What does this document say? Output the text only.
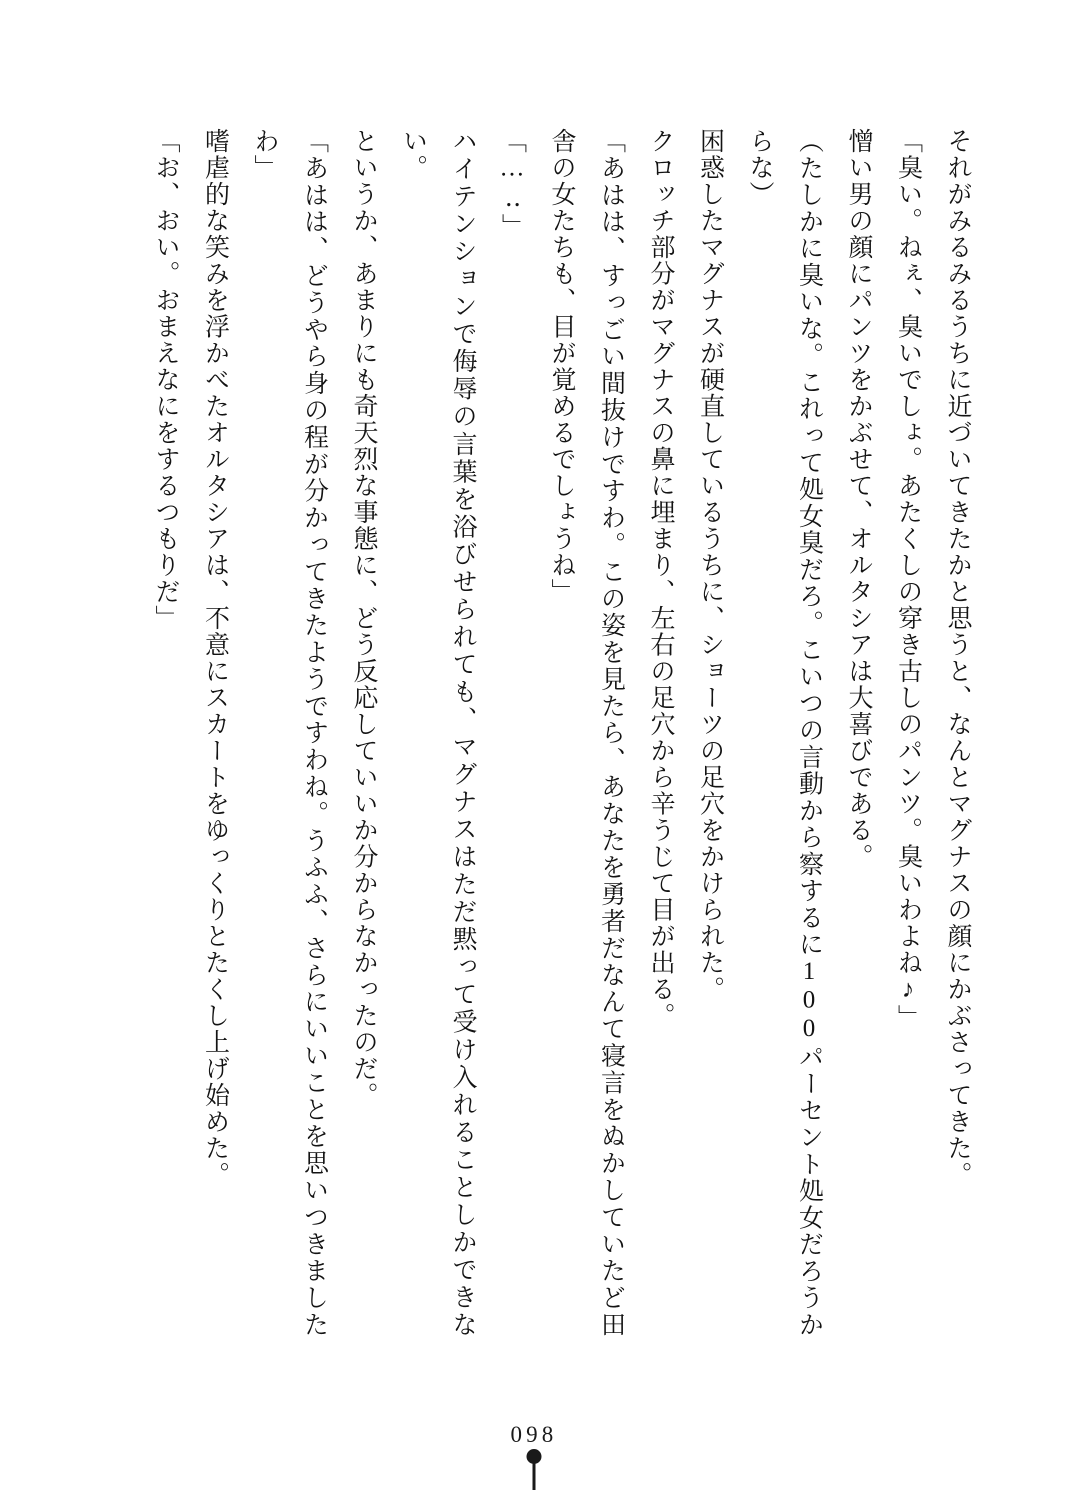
それがみるみるうちに近づいてきたかと思うと、なんとマグナスの顔にかぶさってきた。

「臭い。ねぇ、臭いでしょ。あたくしの穿き古しのパンツ。臭いわよね♪」

憎い男の顔にパンツをかぶせて、オルタシアは大喜びである。

（たしかに臭いな。これって処女臭だろ。こいつの言動から察するに100パーセント処女だろうからな）

困惑したマグナスが硬直しているうちに、ショーツの足穴をかけられた。

クロッチ部分がマグナスの鼻に埋まり、左右の足穴から辛うじて目が出る。

「あはは、すっごい間抜けですわ。この姿を見たら、あなたを勇者だなんて寝言をぬかしていたど田舎の女たちも、目が覚めるでしょうね」

「…‥」

ハイテンションで侮辱の言葉を浴びせられても、マグナスはただ黙って受け入れることしかできない。

というか、あまりにも奇天烈な事態に、どう反応していいか分からなかったのだ。

「あはは、どうやら身の程が分かってきたようですわね。うふふ、さらにいいことを思いつきましたわ」

嗜虐的な笑みを浮かべたオルタシアは、不意にスカートをゆっくりとたくし上げ始めた。

「お、おい。おまえなにをするつもりだ」

098
